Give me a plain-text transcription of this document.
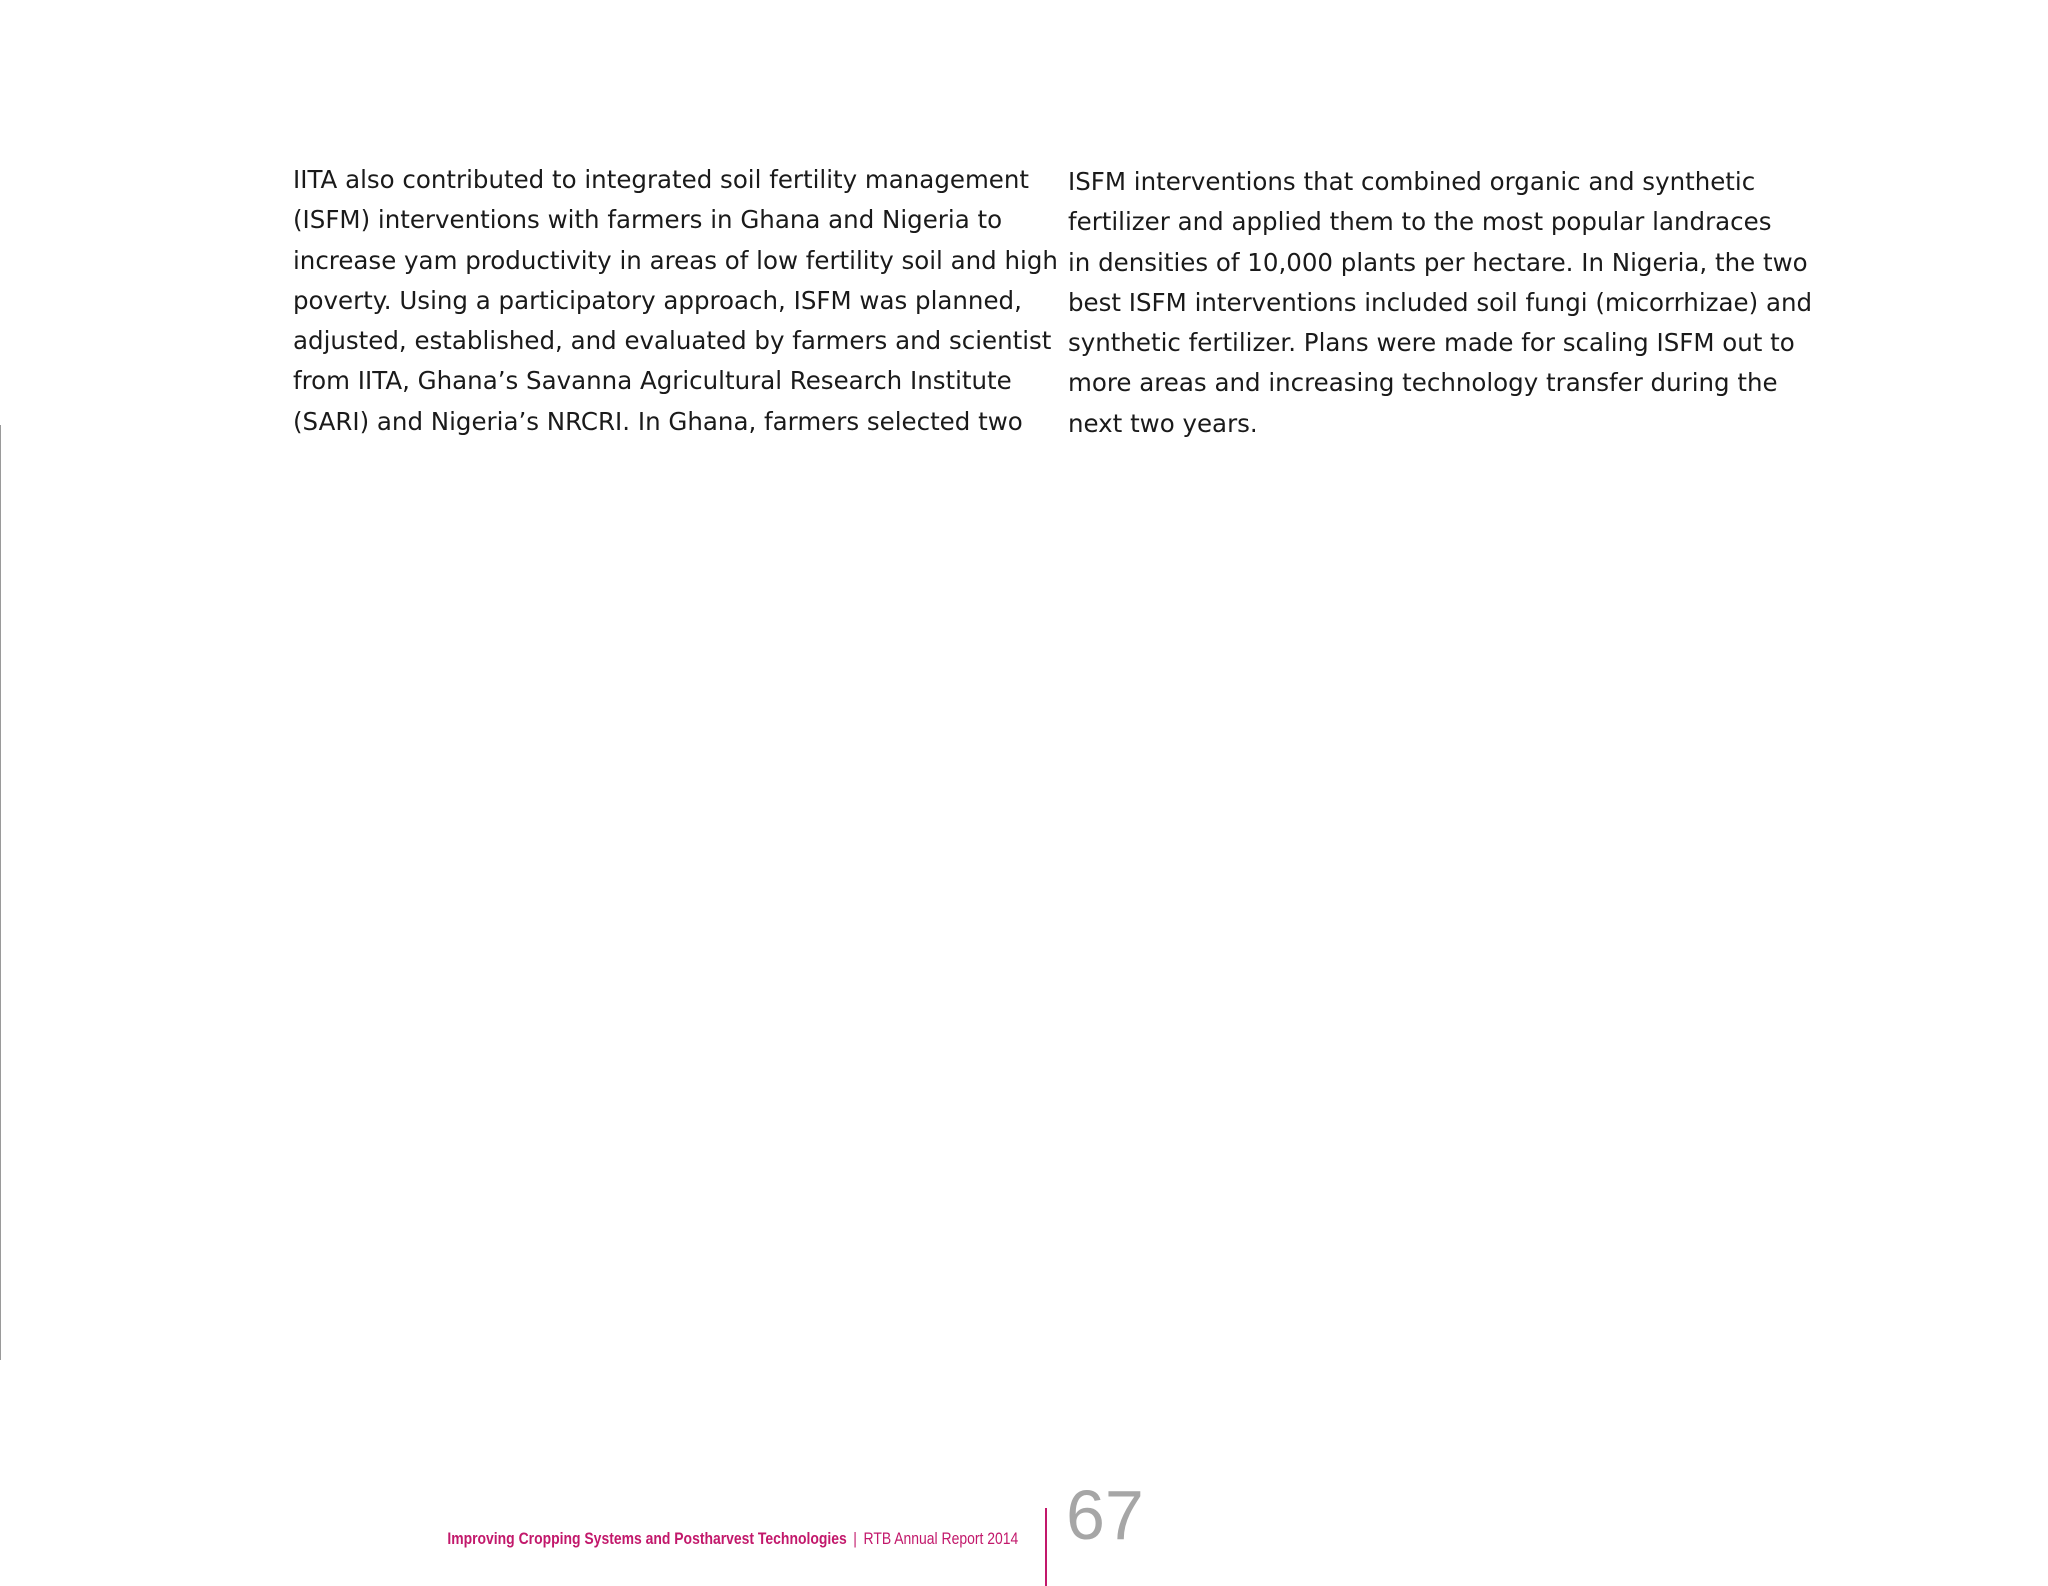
IITA also contributed to integrated soil fertility management
(ISFM) interventions with farmers in Ghana and Nigeria to
increase yam productivity in areas of low fertility soil and high
poverty. Using a participatory approach, ISFM was planned,
adjusted, established, and evaluated by farmers and scientist
from IITA, Ghana’s Savanna Agricultural Research Institute
(SARI) and Nigeria’s NRCRI. In Ghana, farmers selected two
ISFM interventions that combined organic and synthetic
fertilizer and applied them to the most popular landraces
in densities of 10,000 plants per hectare. In Nigeria, the two
best ISFM interventions included soil fungi (micorrhizae) and
synthetic fertilizer. Plans were made for scaling ISFM out to
more areas and increasing technology transfer during the
next two years.
Improving Cropping Systems and Postharvest Technologies | RTB Annual Report 2014 67
